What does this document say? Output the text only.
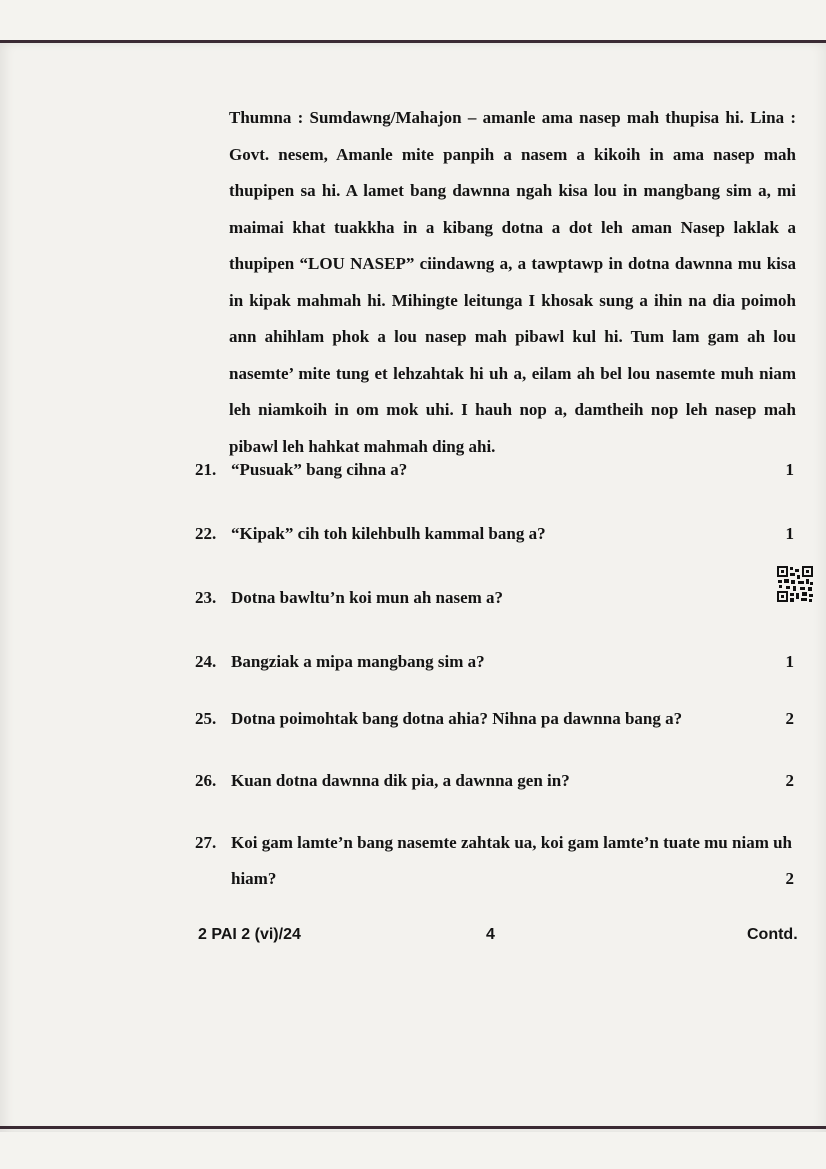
Thumna : Sumdawng/Mahajon – amanle ama nasep mah thupisa hi. Lina : Govt. nesem, Amanle mite panpih a nasem a kikoih in ama nasep mah thupipen sa hi. A lamet bang dawnna ngah kisa lou in mangbang sim a, mi maimai khat tuakkha in a kibang dotna a dot leh aman Nasep laklak a thupipen “LOU NASEP” ciindawng a, a tawptawp in dotna dawnna mu kisa in kipak mahmah hi. Mihingte leitunga I khosak sung a ihin na dia poimoh ann ahihlam phok a lou nasep mah pibawl kul hi. Tum lam gam ah lou nasemte’ mite tung et lehzahtak hi uh a, eilam ah bel lou nasemte muh niam leh niamkoih in om mok uhi. I hauh nop a, damtheih nop leh nasep mah pibawl leh hahkat mahmah ding ahi.
21. “Pusuak” bang cihna a?	1
22. “Kipak” cih toh kilehbulh kammal bang a?	1
23. Dotna bawltu’n koi mun ah nasem a?
24. Bangziak a mipa mangbang sim a?	1
25. Dotna poimohtak bang dotna ahia? Nihna pa dawnna bang a?	2
26. Kuan dotna dawnna dik pia, a dawnna gen in?	2
27. Koi gam lamte’n bang nasemte zahtak ua, koi gam lamte’n tuate mu niam uh hiam?	2
2 PAI 2 (vi)/24	4	Contd.
